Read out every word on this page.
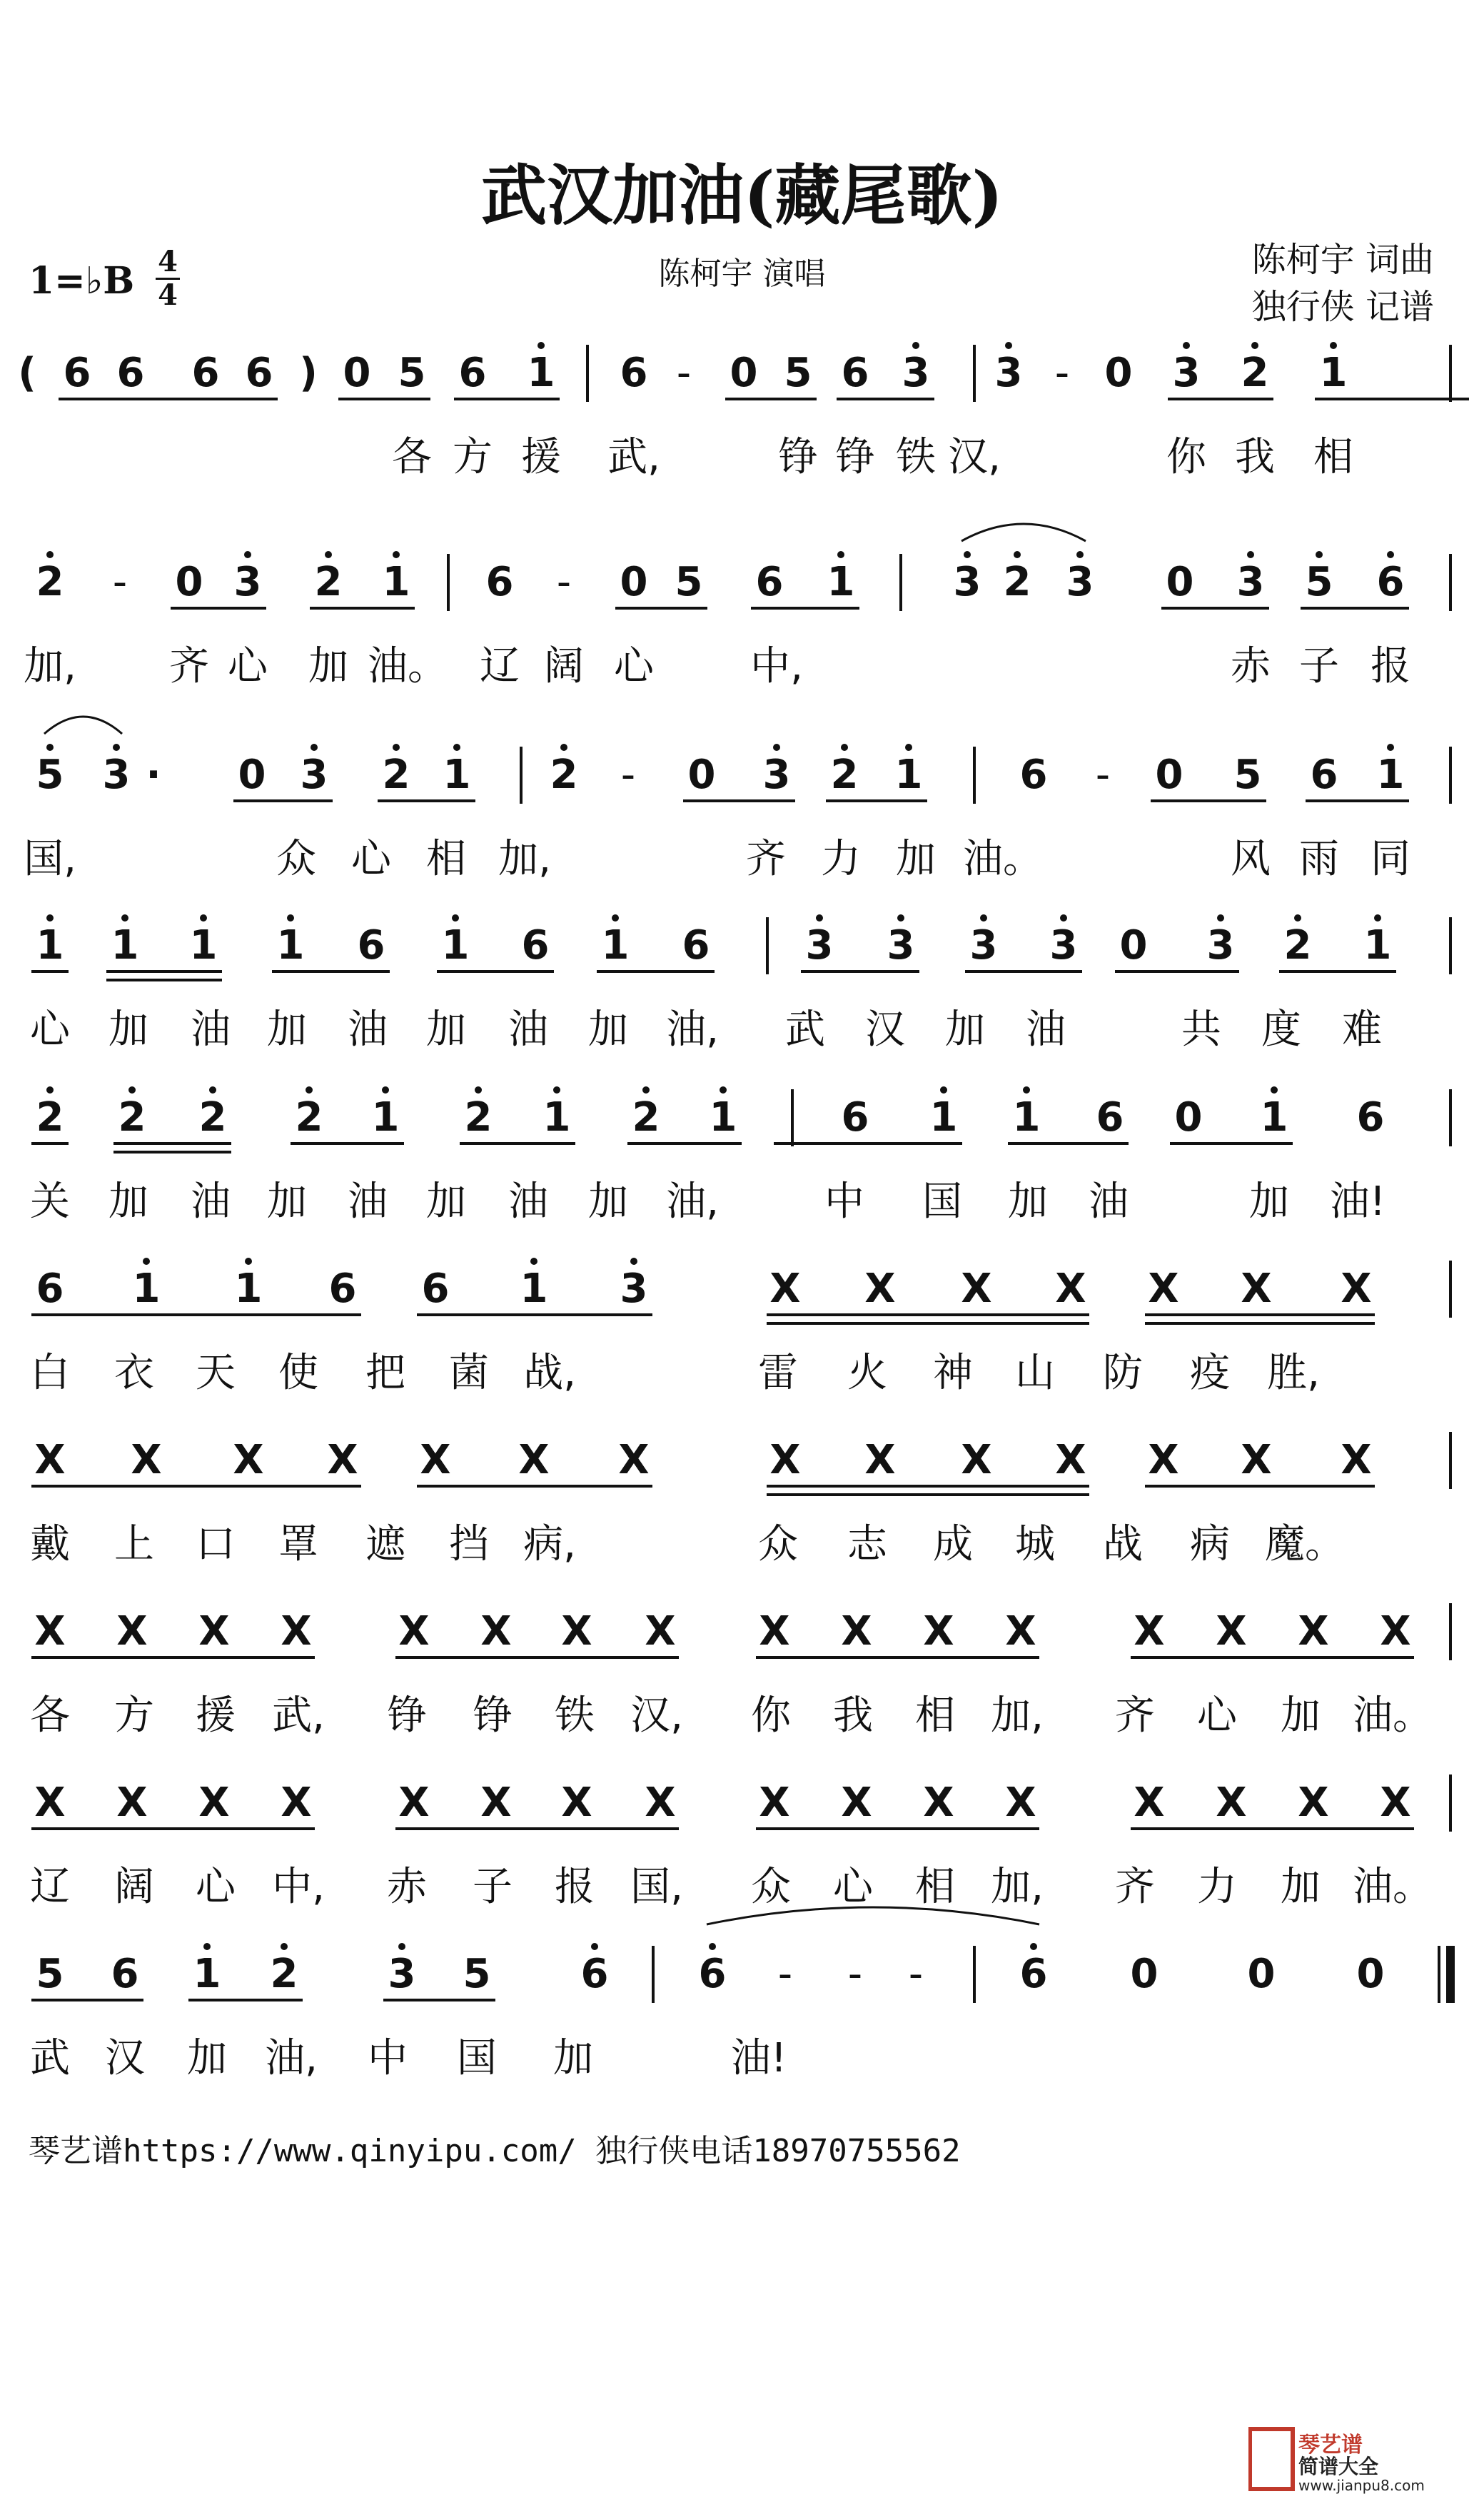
武汉加油(藏尾歌)
陈柯宇 演唱	陈柯宇 词曲
独行侠 记谱
1=♭B 4
4
( 6 6 6 6 ) 0 5 6 1 6 - 0 5 6 3 3 - 0 3 2 1
各 方 援 武,	铮 铮 铁 汉,	你 我 相
2	-	0 3 2 1 6	-	0 5 6 1 3 2 3 0 3 5 6
加, 齐 心 加 油。 辽 阔 心 中,	赤 子 报
5 3 ·	0 3 2 1 2	-	0 3 2 1 6	-	0 5 6 1
国,	众 心 相 加,	齐 力 加 油。	风 雨 同
1 1 1 1 6 1 6 1 6 3 3 3 3 0 3 2 1
心 加 油 加 油 加 油 加 油, 武 汉 加 油	共 度 难
2 2 2 2 1 2 1 2 1	6 1 1 6 0 1 6
关 加 油 加 油 加 油 加 油,	中 国 加 油	加 油!
6 1 1 6 6 1 3	X X X X X X X
白 衣 天 使 把 菌 战,	雷 火 神 山 防 疫 胜,
X X X X X X X	X X X X X X X
戴 上 口 罩 遮 挡 病,	众 志 成 城 战 病 魔。
X X X X X X X X X X X X X X X X
各 方 援 武, 铮 铮 铁 汉, 你 我 相 加, 齐 心 加 油。
X X X X X X X X X X X X X X X X
辽 阔 心 中, 赤 子 报 国, 众 心 相 加, 齐 力 加 油。
5 6 1 2 3 5 6 6	-	-	-	6 0 0 0
武 汉 加 油, 中 国 加	油!
琴艺谱https://www.qinyipu.com/ 独行侠电话18970755562
琴艺谱
简谱大全
www.jianpu8.com
